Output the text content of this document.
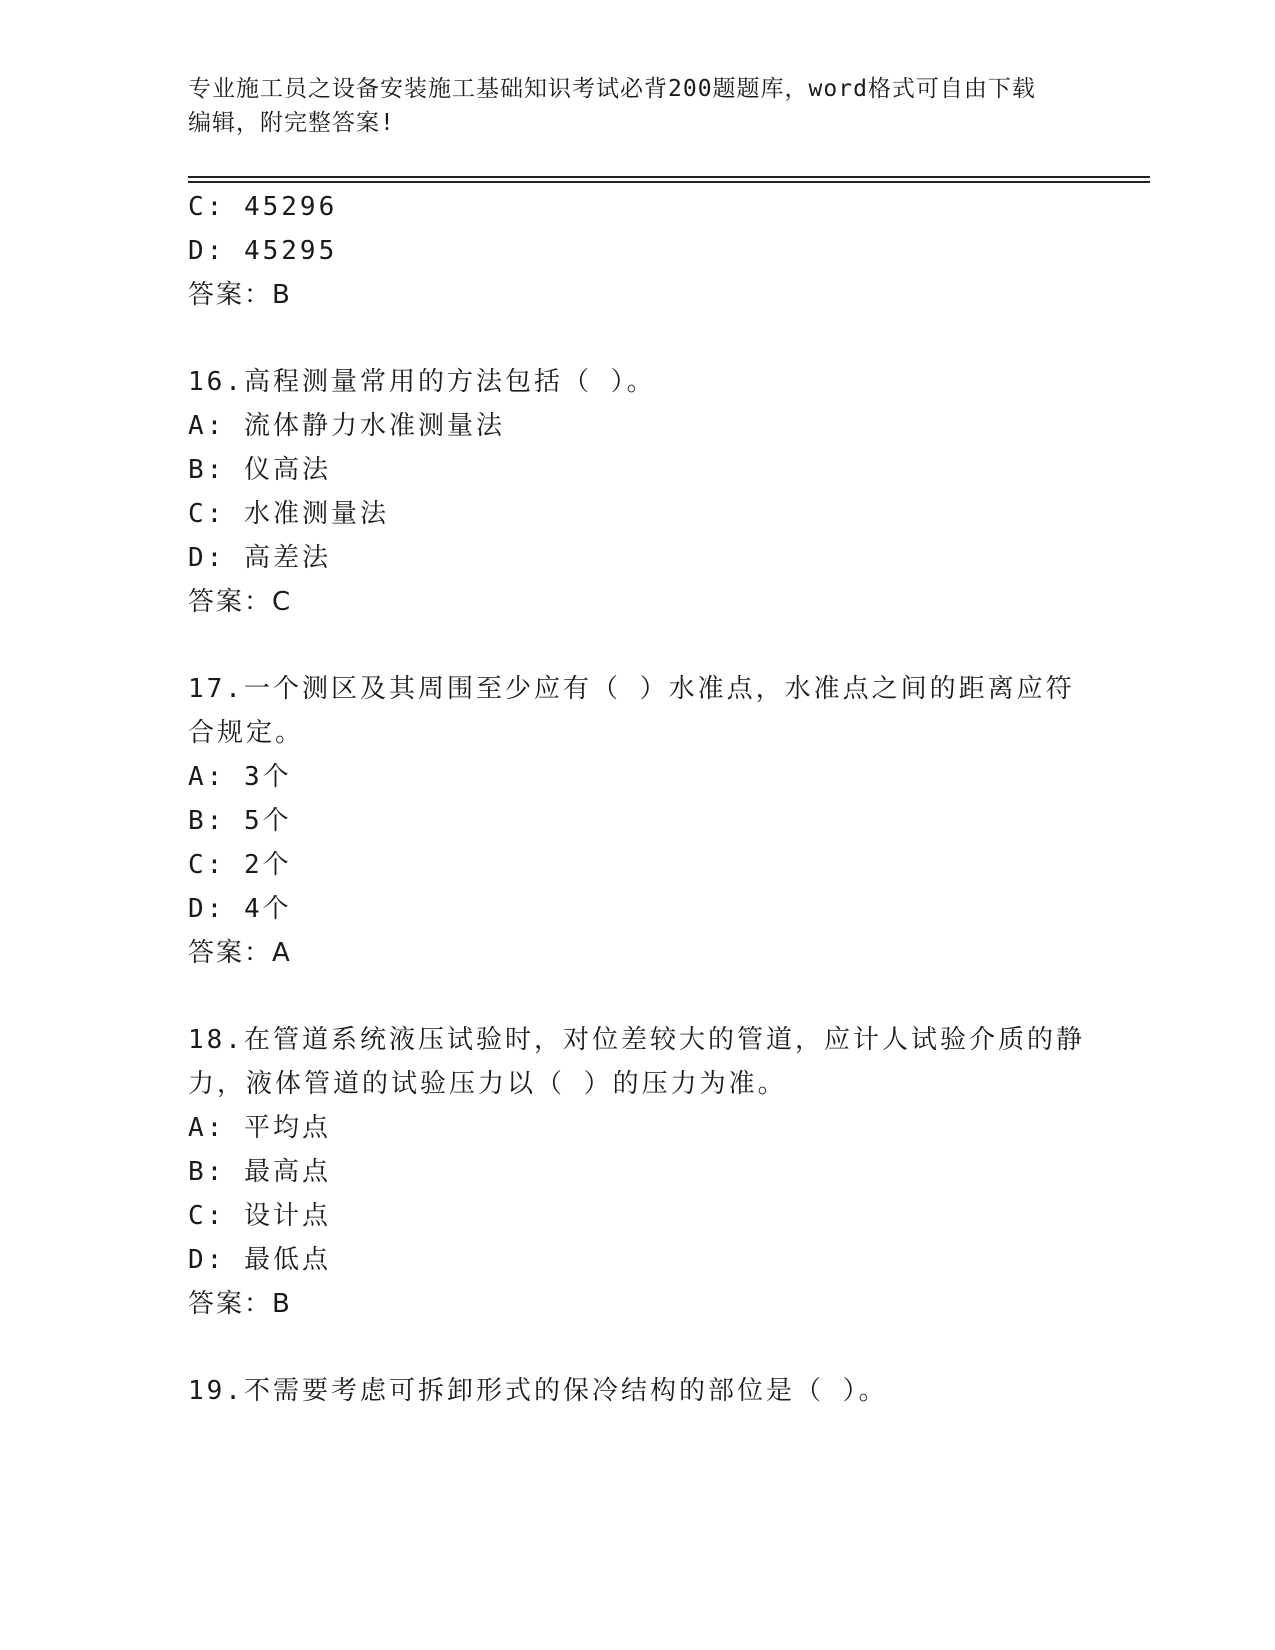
专业施工员之设备安装施工基础知识考试必背200题题库，word格式可自由下载
编辑，附完整答案!
C: 45296
D: 45295
答案：B
16.高程测量常用的方法包括（ ）。
A: 流体静力水准测量法
B: 仪高法
C: 水准测量法
D: 高差法
答案：C
17.一个测区及其周围至少应有（ ）水准点，水准点之间的距离应符
合规定。
A: 3个
B: 5个
C: 2个
D: 4个
答案：A
18.在管道系统液压试验时，对位差较大的管道，应计人试验介质的静
力，液体管道的试验压力以（ ）的压力为准。
A: 平均点
B: 最高点
C: 设计点
D: 最低点
答案：B
19.不需要考虑可拆卸形式的保冷结构的部位是（ ）。
